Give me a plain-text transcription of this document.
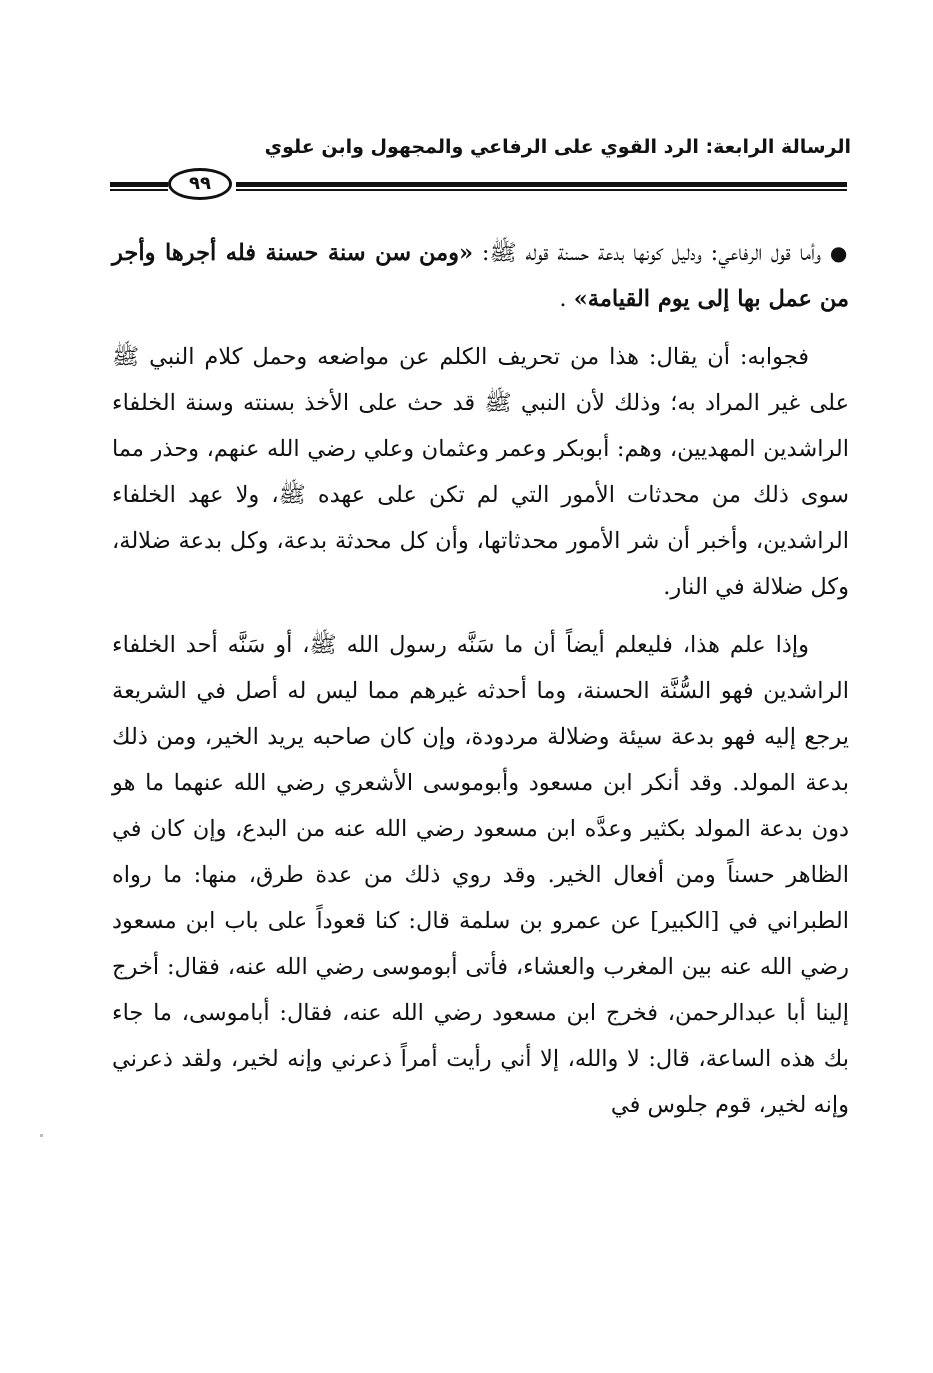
الرسالة الرابعة: الرد القوي على الرفاعي والمجهول وابن علوي
٩٩

● وأما قول الرفاعي: ودليل كونها بدعة حسنة قوله ﷺ: «ومن سن سنة حسنة فله أجرها وأجر من عمل بها إلى يوم القيامة» .

فجوابه: أن يقال: هذا من تحريف الكلم عن مواضعه وحمل كلام النبي ﷺ على غير المراد به؛ وذلك لأن النبي ﷺ قد حث على الأخذ بسنته وسنة الخلفاء الراشدين المهديين، وهم: أبوبكر وعمر وعثمان وعلي رضي الله عنهم، وحذر مما سوى ذلك من محدثات الأمور التي لم تكن على عهده ﷺ، ولا عهد الخلفاء الراشدين، وأخبر أن شر الأمور محدثاتها، وأن كل محدثة بدعة، وكل بدعة ضلالة، وكل ضلالة في النار.

وإذا علم هذا، فليعلم أيضاً أن ما سَنَّه رسول الله ﷺ، أو سَنَّه أحد الخلفاء الراشدين فهو السُّنَّة الحسنة، وما أحدثه غيرهم مما ليس له أصل في الشريعة يرجع إليه فهو بدعة سيئة وضلالة مردودة، وإن كان صاحبه يريد الخير، ومن ذلك بدعة المولد. وقد أنكر ابن مسعود وأبوموسى الأشعري رضي الله عنهما ما هو دون بدعة المولد بكثير وعدَّه ابن مسعود رضي الله عنه من البدع، وإن كان في الظاهر حسناً ومن أفعال الخير. وقد روي ذلك من عدة طرق، منها: ما رواه الطبراني في [الكبير] عن عمرو بن سلمة قال: كنا قعوداً على باب ابن مسعود رضي الله عنه بين المغرب والعشاء، فأتى أبوموسى رضي الله عنه، فقال: أخرج إلينا أبا عبدالرحمن، فخرج ابن مسعود رضي الله عنه، فقال: أباموسى، ما جاء بك هذه الساعة، قال: لا والله، إلا أني رأيت أمراً ذعرني وإنه لخير، ولقد ذعرني وإنه لخير، قوم جلوس في
